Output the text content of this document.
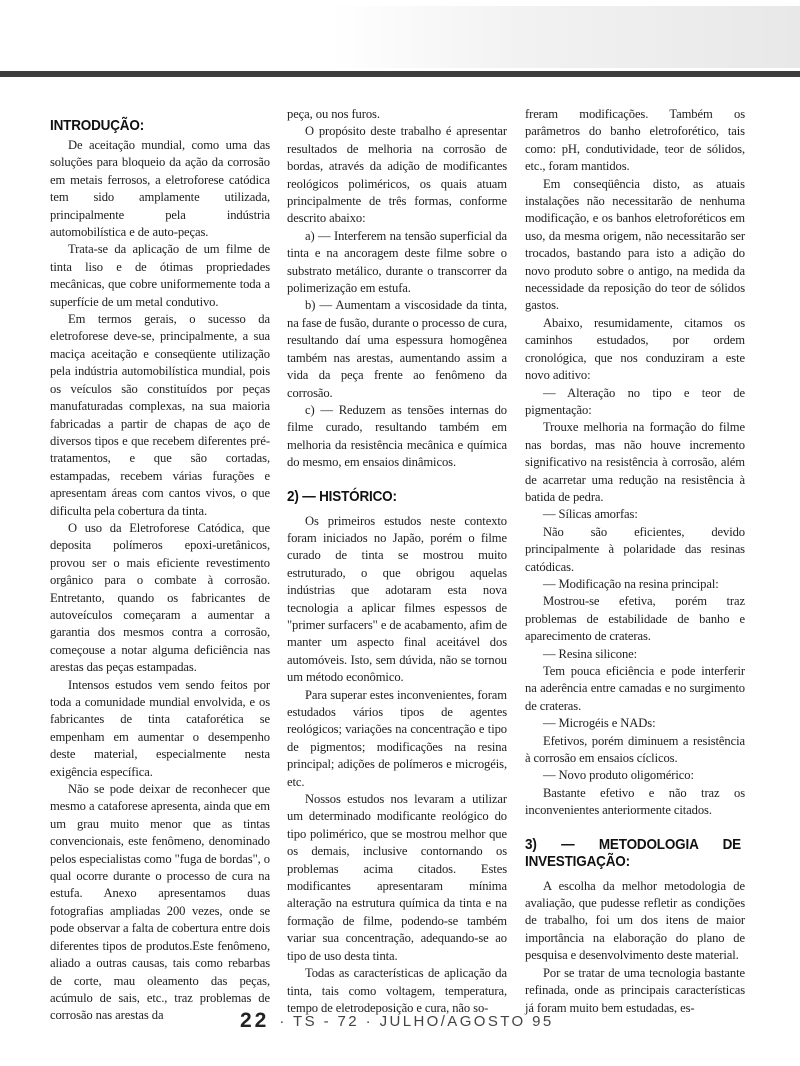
INTRODUÇÃO:

De aceitação mundial, como uma das soluções para bloqueio da ação da corrosão em metais ferrosos, a eletroforese catódica tem sido amplamente utilizada, principalmente pela indústria automobilística e de auto-peças.

Trata-se da aplicação de um filme de tinta liso e de ótimas propriedades mecânicas, que cobre uniformemente toda a superfície de um metal condutivo.

Em termos gerais, o sucesso da eletroforese deve-se, principalmente, a sua maciça aceitação e conseqüente utilização pela indústria automobilística mundial, pois os veículos são constituídos por peças manufaturadas complexas, na sua maioria fabricadas a partir de chapas de aço de diversos tipos e que recebem diferentes pré-tratamentos, e que são cortadas, estampadas, recebem várias furações e apresentam áreas com cantos vivos, o que dificulta pela cobertura da tinta.

O uso da Eletroforese Catódica, que deposita polímeros epoxi-uretânicos, provou ser o mais eficiente revestimento orgânico para o combate à corrosão. Entretanto, quando os fabricantes de autoveículos começaram a aumentar a garantia dos mesmos contra a corrosão, começouse a notar alguma deficiência nas arestas das peças estampadas.

Intensos estudos vem sendo feitos por toda a comunidade mundial envolvida, e os fabricantes de tinta cataforética se empenham em aumentar o desempenho deste material, especialmente nesta exigência específica.

Não se pode deixar de reconhecer que mesmo a cataforese apresenta, ainda que em um grau muito menor que as tintas convencionais, este fenômeno, denominado pelos especialistas como "fuga de bordas", o qual ocorre durante o processo de cura na estufa. Anexo apresentamos duas fotografias ampliadas 200 vezes, onde se pode observar a falta de cobertura entre dois diferentes tipos de produtos.Este fenômeno, aliado a outras causas, tais como rebarbas de corte, mau oleamento das peças, acúmulo de sais, etc., traz problemas de corrosão nas arestas da

peça, ou nos furos.

O propósito deste trabalho é apresentar resultados de melhoria na corrosão de bordas, através da adição de modificantes reológicos poliméricos, os quais atuam principalmente de três formas, conforme descrito abaixo:

a) — Interferem na tensão superficial da tinta e na ancoragem deste filme sobre o substrato metálico, durante o transcorrer da polimerização em estufa.

b) — Aumentam a viscosidade da tinta, na fase de fusão, durante o processo de cura, resultando daí uma espessura homogênea também nas arestas, aumentando assim a vida da peça frente ao fenômeno da corrosão.

c) — Reduzem as tensões internas do filme curado, resultando também em melhoria da resistência mecânica e química do mesmo, em ensaios dinâmicos.

2) — HISTÓRICO:

Os primeiros estudos neste contexto foram iniciados no Japão, porém o filme curado de tinta se mostrou muito estruturado, o que obrigou aquelas indústrias que adotaram esta nova tecnologia a aplicar filmes espessos de "primer surfacers" e de acabamento, afim de manter um aspecto final aceitável dos automóveis. Isto, sem dúvida, não se tornou um método econômico.

Para superar estes inconvenientes, foram estudados vários tipos de agentes reológicos; variações na concentração e tipo de pigmentos; modificações na resina principal; adições de polímeros e microgéis, etc.

Nossos estudos nos levaram a utilizar um determinado modificante reológico do tipo polimérico, que se mostrou melhor que os demais, inclusive contornando os problemas acima citados. Estes modificantes apresentaram mínima alteração na estrutura química da tinta e na formação de filme, podendo-se também variar sua concentração, adequando-se ao tipo de uso desta tinta.

Todas as características de aplicação da tinta, tais como voltagem, temperatura, tempo de eletrodeposição e cura, não so-

freram modificações. Também os parâmetros do banho eletroforético, tais como: pH, condutividade, teor de sólidos, etc., foram mantidos.

Em conseqüência disto, as atuais instalações não necessitarão de nenhuma modificação, e os banhos eletroforéticos em uso, da mesma origem, não necessitarão ser trocados, bastando para isto a adição do novo produto sobre o antigo, na medida da necessidade da reposição do teor de sólidos gastos.

Abaixo, resumidamente, citamos os caminhos estudados, por ordem cronológica, que nos conduziram a este novo aditivo:

— Alteração no tipo e teor de pigmentação:

Trouxe melhoria na formação do filme nas bordas, mas não houve incremento significativo na resistência à corrosão, além de acarretar uma redução na resistência à batida de pedra.

— Sílicas amorfas:

Não são eficientes, devido principalmente à polaridade das resinas catódicas.

— Modificação na resina principal:

Mostrou-se efetiva, porém traz problemas de estabilidade de banho e aparecimento de crateras.

— Resina silicone:

Tem pouca eficiência e pode interferir na aderência entre camadas e no surgimento de crateras.

— Microgéis e NADs:

Efetivos, porém diminuem a resistência à corrosão em ensaios cíclicos.

— Novo produto oligomérico:

Bastante efetivo e não traz os inconvenientes anteriormente citados.

3) — METODOLOGIA DE INVESTIGAÇÃO:

A escolha da melhor metodologia de avaliação, que pudesse refletir as condições de trabalho, foi um dos itens de maior importância na elaboração do plano de pesquisa e desenvolvimento deste material.

Por se tratar de uma tecnologia bastante refinada, onde as principais características já foram muito bem estudadas, es-

22 · TS - 72 · JULHO/AGOSTO 95
